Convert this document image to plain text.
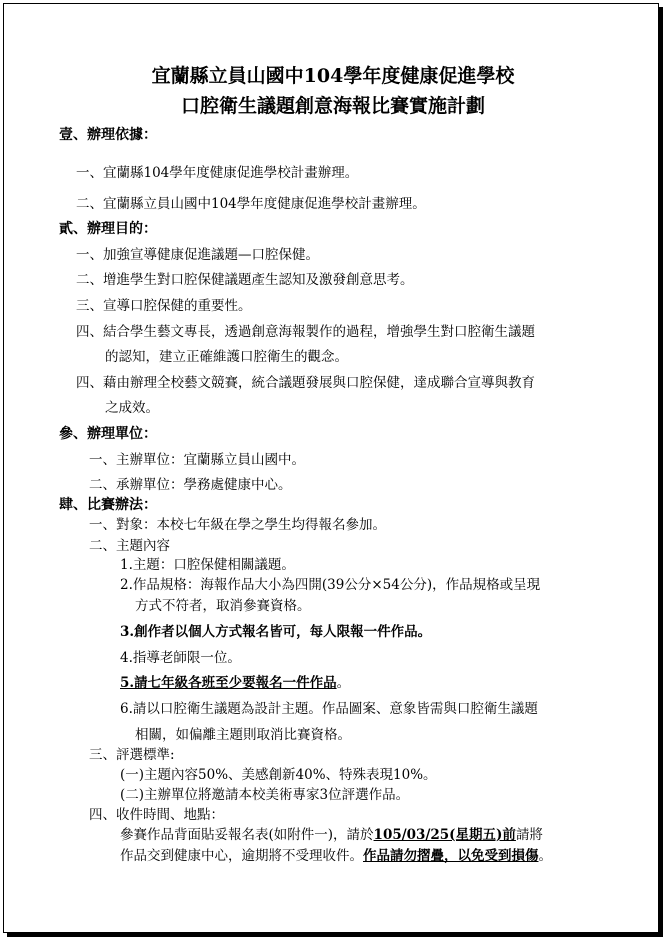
宜蘭縣立員山國中104學年度健康促進學校
口腔衛生議題創意海報比賽實施計劃
壹、辦理依據：
一、宜蘭縣104學年度健康促進學校計畫辦理。
二、宜蘭縣立員山國中104學年度健康促進學校計畫辦理。
貳、辦理目的：
一、加強宣導健康促進議題—口腔保健。
二、增進學生對口腔保健議題產生認知及激發創意思考。
三、宣導口腔保健的重要性。
四、結合學生藝文專長，透過創意海報製作的過程，增強學生對口腔衛生議題
的認知，建立正確維護口腔衛生的觀念。
四、藉由辦理全校藝文競賽，統合議題發展與口腔保健，達成聯合宣導與教育
之成效。
參、辦理單位：
一、主辦單位：宜蘭縣立員山國中。
二、承辦單位：學務處健康中心。
肆、比賽辦法：
一、對象：本校七年級在學之學生均得報名參加。
二、主題內容
1.主題：口腔保健相關議題。
2.作品規格：海報作品大小為四開(39公分×54公分)，作品規格或呈現
方式不符者，取消參賽資格。
3.創作者以個人方式報名皆可，每人限報一件作品。
4.指導老師限一位。
5.請七年級各班至少要報名一件作品。
6.請以口腔衛生議題為設計主題。作品圖案、意象皆需與口腔衛生議題
相關，如偏離主題則取消比賽資格。
三、評選標準:
(一)主題內容50%、美感創新40%、特殊表現10%。
(二)主辦單位將邀請本校美術專家3位評選作品。
四、收件時間、地點：
參賽作品背面貼妥報名表(如附件一)，請於105/03/25(星期五)前請將
作品交到健康中心，逾期將不受理收件。作品請勿摺疊，以免受到損傷。
